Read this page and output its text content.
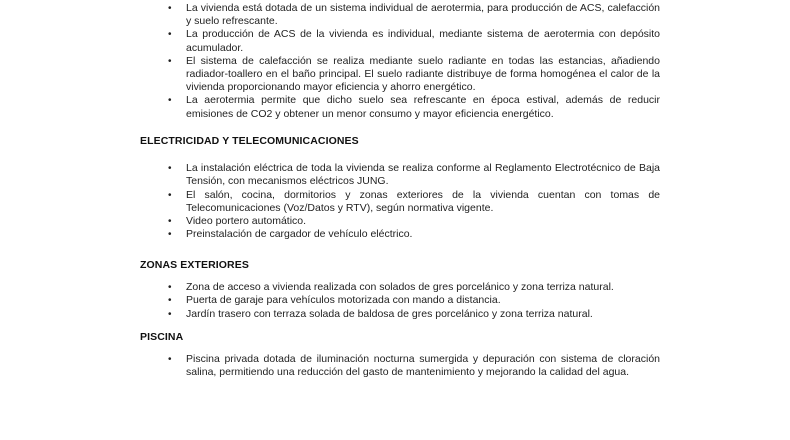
• La vivienda está dotada de un sistema individual de aerotermia, para producción de ACS, calefacción y suelo refrescante.
• La producción de ACS de la vivienda es individual, mediante sistema de aerotermia con depósito acumulador.
• El sistema de calefacción se realiza mediante suelo radiante en todas las estancias, añadiendo radiador-toallero en el baño principal. El suelo radiante distribuye de forma homogénea el calor de la vivienda proporcionando mayor eficiencia y ahorro energético.
• La aerotermia permite que dicho suelo sea refrescante en época estival, además de reducir emisiones de CO2 y obtener un menor consumo y mayor eficiencia energético.

ELECTRICIDAD Y TELECOMUNICACIONES

• La instalación eléctrica de toda la vivienda se realiza conforme al Reglamento Electrotécnico de Baja Tensión, con mecanismos eléctricos JUNG.
• El salón, cocina, dormitorios y zonas exteriores de la vivienda cuentan con tomas de Telecomunicaciones (Voz/Datos y RTV), según normativa vigente.
• Video portero automático.
• Preinstalación de cargador de vehículo eléctrico.

ZONAS EXTERIORES

• Zona de acceso a vivienda realizada con solados de gres porcelánico y zona terriza natural.
• Puerta de garaje para vehículos motorizada con mando a distancia.
• Jardín trasero con terraza solada de baldosa de gres porcelánico y zona terriza natural.

PISCINA

• Piscina privada dotada de iluminación nocturna sumergida y depuración con sistema de cloración salina, permitiendo una reducción del gasto de mantenimiento y mejorando la calidad del agua.
